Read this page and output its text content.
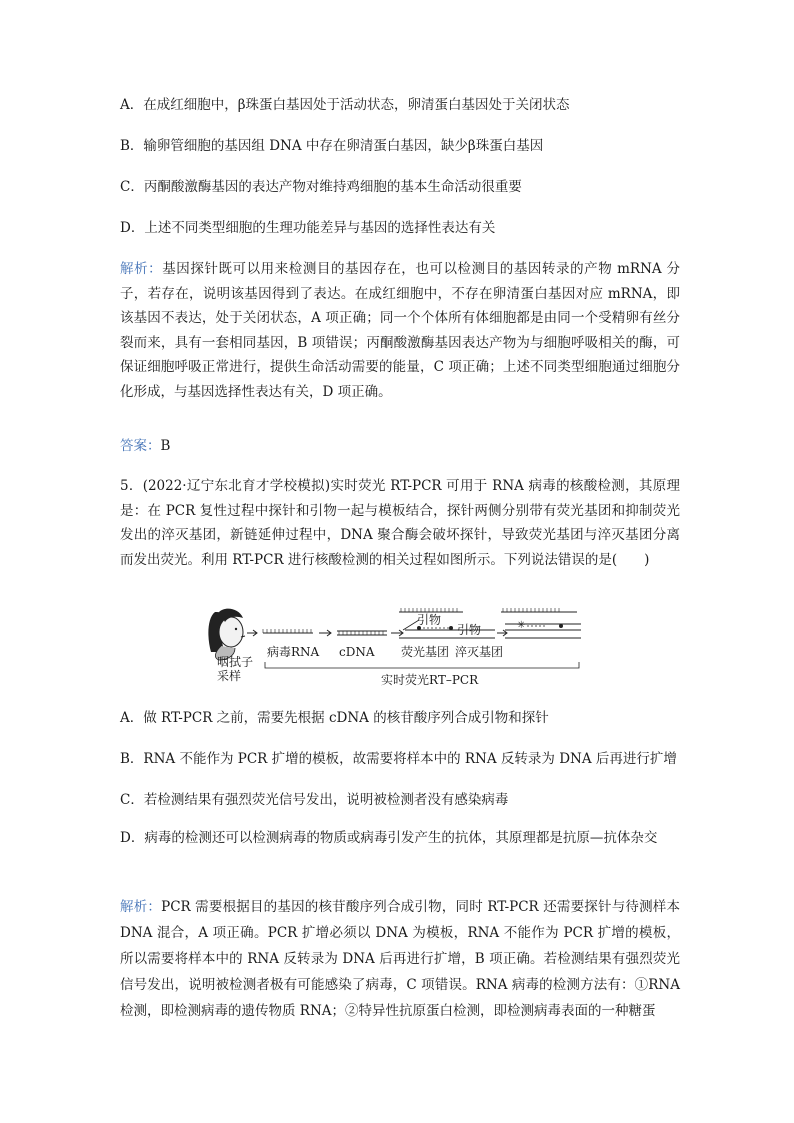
A．在成红细胞中，β珠蛋白基因处于活动状态，卵清蛋白基因处于关闭状态
B．输卵管细胞的基因组 DNA 中存在卵清蛋白基因，缺少β珠蛋白基因
C．丙酮酸激酶基因的表达产物对维持鸡细胞的基本生命活动很重要
D．上述不同类型细胞的生理功能差异与基因的选择性表达有关
解析：基因探针既可以用来检测目的基因存在，也可以检测目的基因转录的产物 mRNA 分子，若存在，说明该基因得到了表达。在成红细胞中，不存在卵清蛋白基因对应 mRNA，即该基因不表达，处于关闭状态，A 项正确；同一个个体所有体细胞都是由同一个受精卵有丝分裂而来，具有一套相同基因，B 项错误；丙酮酸激酶基因表达产物为与细胞呼吸相关的酶，可保证细胞呼吸正常进行，提供生命活动需要的能量，C 项正确；上述不同类型细胞通过细胞分化形成，与基因选择性表达有关，D 项正确。
答案：B
5．(2022·辽宁东北育才学校模拟)实时荧光 RT-PCR 可用于 RNA 病毒的核酸检测，其原理是：在 PCR 复性过程中探针和引物一起与模板结合，探针两侧分别带有荧光基团和抑制荧光发出的淬灭基团，新链延伸过程中，DNA 聚合酶会破坏探针，导致荧光基团与淬灭基团分离而发出荧光。利用 RT-PCR 进行核酸检测的相关过程如图所示。下列说法错误的是(　　)
✳
引物
引物
咽拭子
采样
病毒RNA cDNA 荧光基团 淬灭基团
实时荧光RT–PCR
A．做 RT-PCR 之前，需要先根据 cDNA 的核苷酸序列合成引物和探针
B．RNA 不能作为 PCR 扩增的模板，故需要将样本中的 RNA 反转录为 DNA 后再进行扩增
C．若检测结果有强烈荧光信号发出，说明被检测者没有感染病毒
D．病毒的检测还可以检测病毒的物质或病毒引发产生的抗体，其原理都是抗原—抗体杂交
解析：PCR 需要根据目的基因的核苷酸序列合成引物，同时 RT-PCR 还需要探针与待测样本 DNA 混合，A 项正确。PCR 扩增必须以 DNA 为模板，RNA 不能作为 PCR 扩增的模板，所以需要将样本中的 RNA 反转录为 DNA 后再进行扩增，B 项正确。若检测结果有强烈荧光信号发出，说明被检测者极有可能感染了病毒，C 项错误。RNA 病毒的检测方法有：①RNA 检测，即检测病毒的遗传物质 RNA；②特异性抗原蛋白检测，即检测病毒表面的一种糖蛋
